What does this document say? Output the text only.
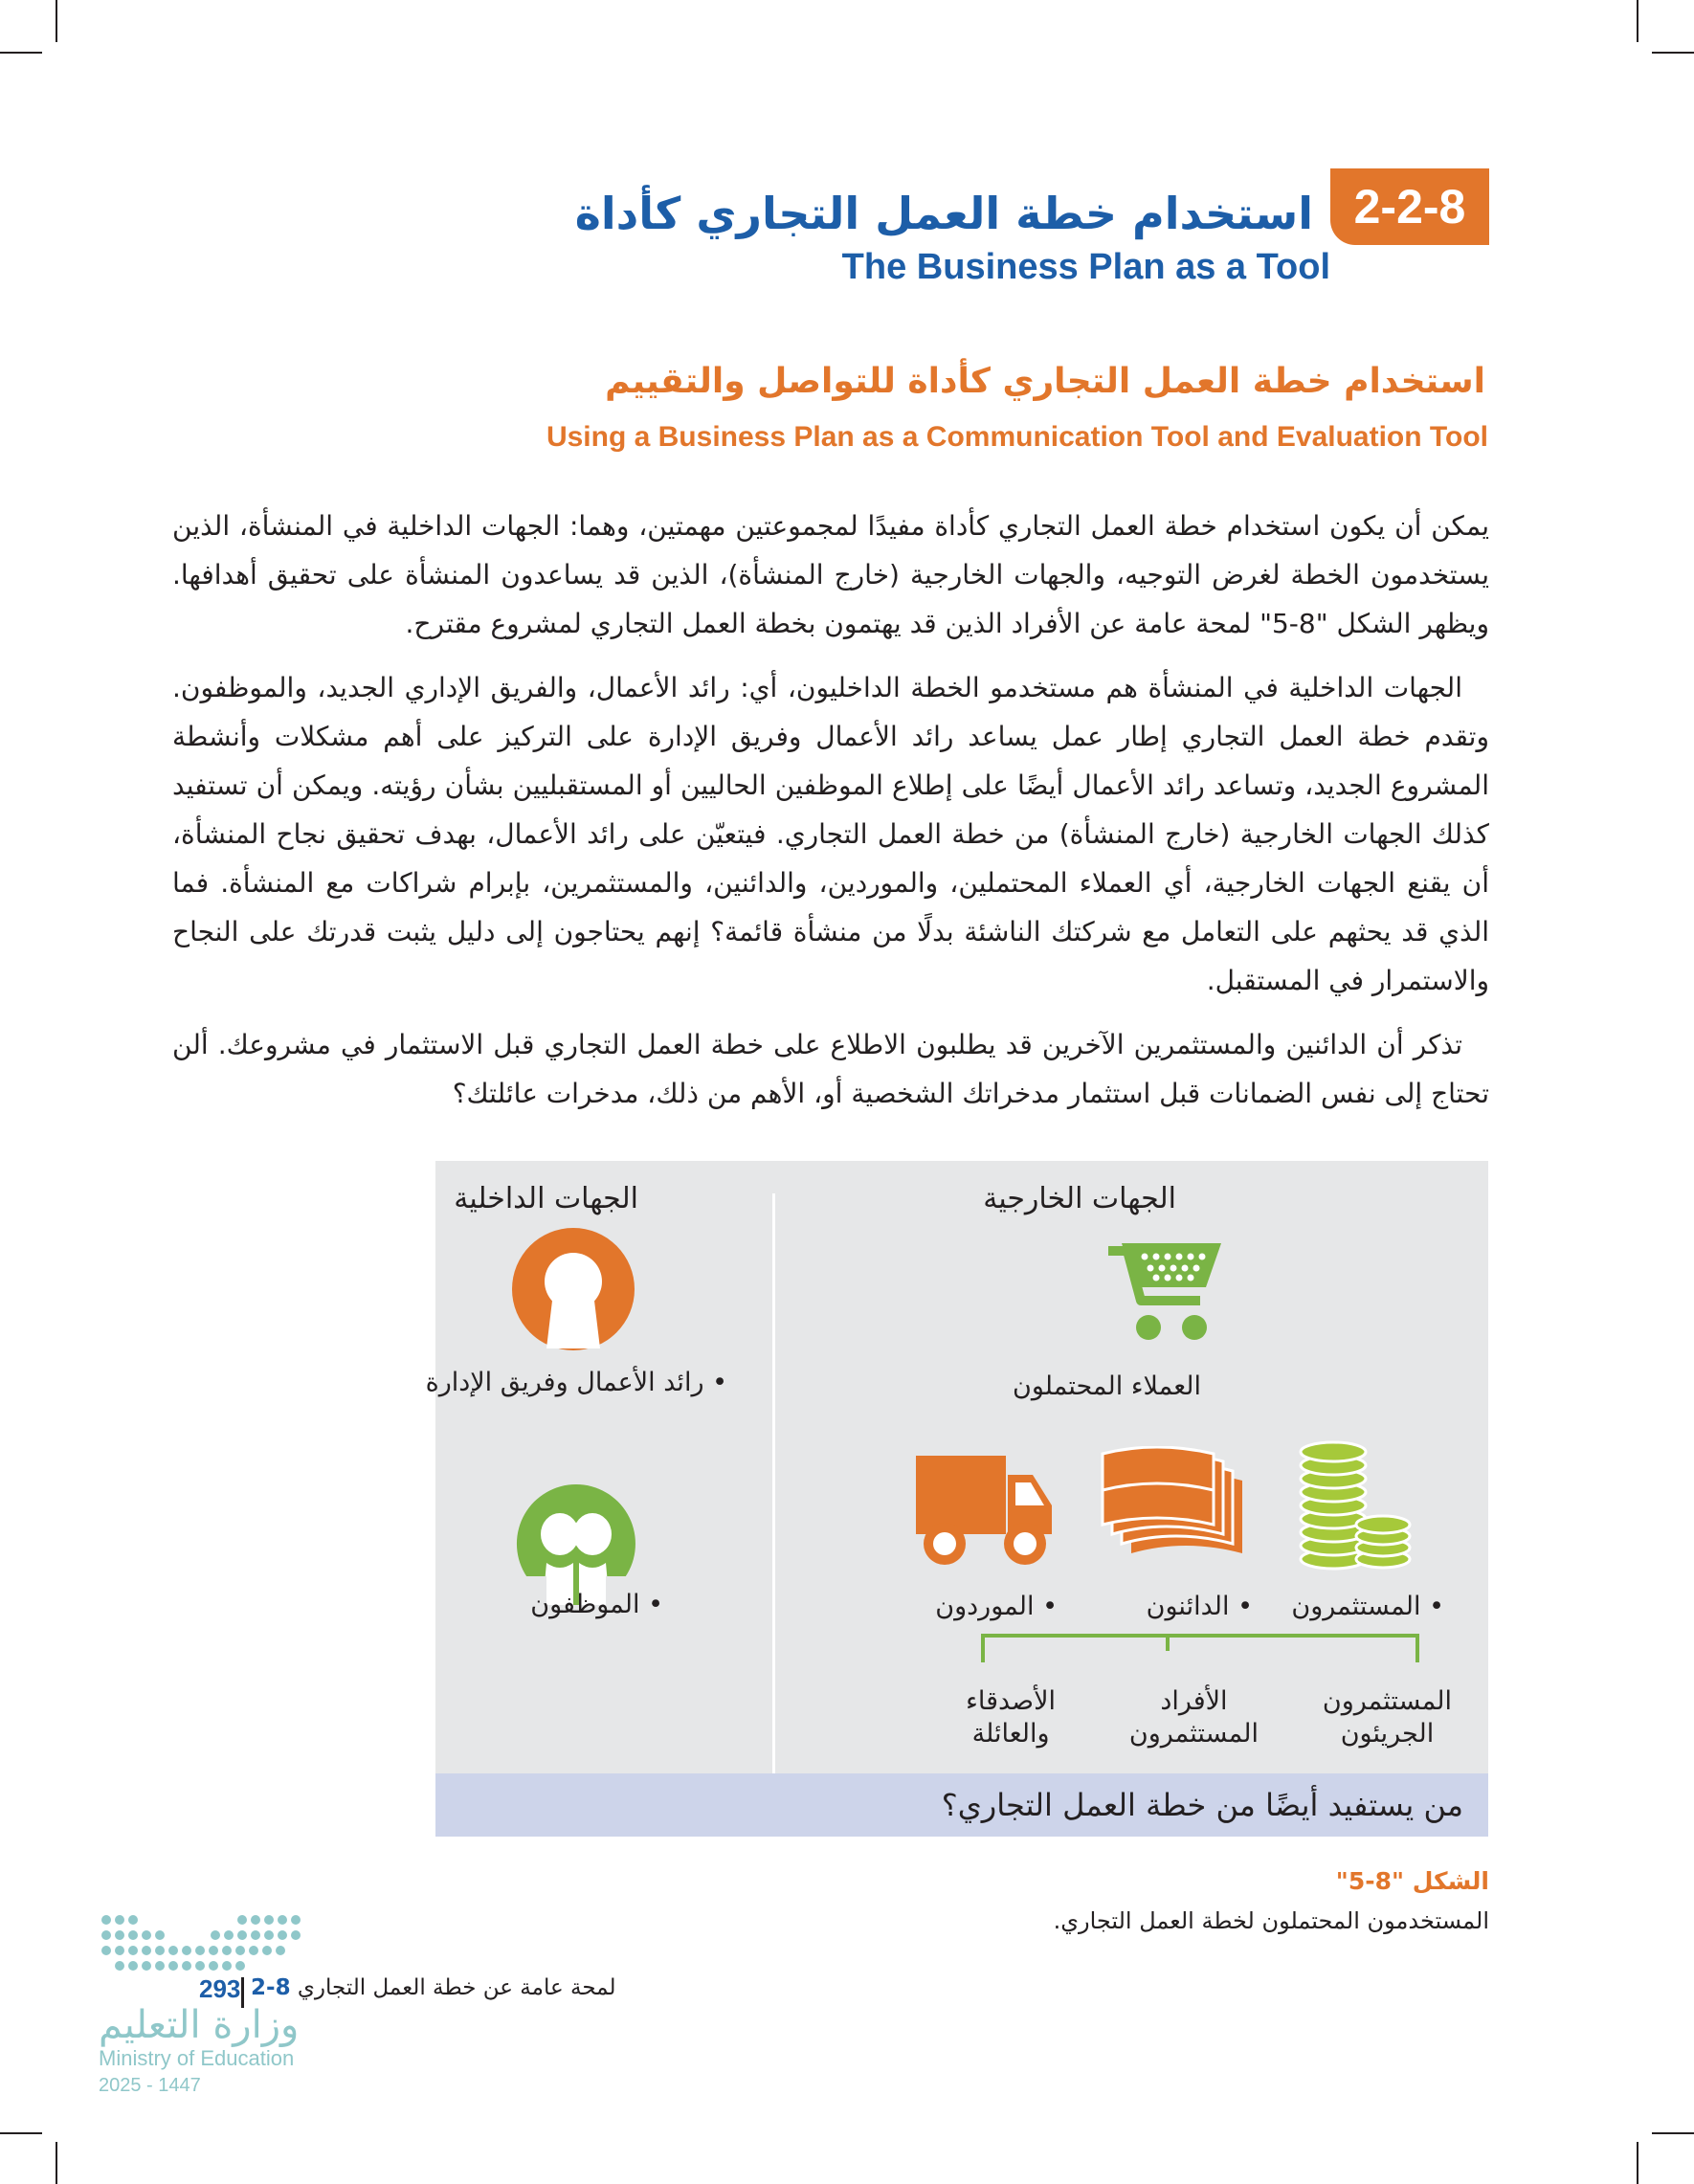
2-2-8
استخدام خطة العمل التجاري كأداة
The Business Plan as a Tool
استخدام خطة العمل التجاري كأداة للتواصل والتقييم
Using a Business Plan as a Communication Tool and Evaluation Tool

يمكن أن يكون استخدام خطة العمل التجاري كأداة مفيدًا لمجموعتين مهمتين، وهما: الجهات الداخلية في المنشأة، الذين يستخدمون الخطة لغرض التوجيه، والجهات الخارجية (خارج المنشأة)، الذين قد يساعدون المنشأة على تحقيق أهدافها. ويظهر الشكل "8-5" لمحة عامة عن الأفراد الذين قد يهتمون بخطة العمل التجاري لمشروع مقترح.

الجهات الداخلية في المنشأة هم مستخدمو الخطة الداخليون، أي: رائد الأعمال، والفريق الإداري الجديد، والموظفون. وتقدم خطة العمل التجاري إطار عمل يساعد رائد الأعمال وفريق الإدارة على التركيز على أهم مشكلات وأنشطة المشروع الجديد، وتساعد رائد الأعمال أيضًا على إطلاع الموظفين الحاليين أو المستقبليين بشأن رؤيته. ويمكن أن تستفيد كذلك الجهات الخارجية (خارج المنشأة) من خطة العمل التجاري. فيتعيّن على رائد الأعمال، بهدف تحقيق نجاح المنشأة، أن يقنع الجهات الخارجية، أي العملاء المحتملين، والموردين، والدائنين، والمستثمرين، بإبرام شراكات مع المنشأة. فما الذي قد يحثهم على التعامل مع شركتك الناشئة بدلًا من منشأة قائمة؟ إنهم يحتاجون إلى دليل يثبت قدرتك على النجاح والاستمرار في المستقبل.

تذكر أن الدائنين والمستثمرين الآخرين قد يطلبون الاطلاع على خطة العمل التجاري قبل الاستثمار في مشروعك. ألن تحتاج إلى نفس الضمانات قبل استثمار مدخراتك الشخصية أو، الأهم من ذلك، مدخرات عائلتك؟

الجهات الداخلية	الجهات الخارجية
• رائد الأعمال وفريق الإدارة
• الموظفون
العملاء المحتملون
• الموردون	• الدائنون • المستثمرون
المستثمرون
الجريئون
الأفراد
المستثمرون
الأصدقاء
والعائلة
من يستفيد أيضًا من خطة العمل التجاري؟
الشكل "8-5"
المستخدمون المحتملون لخطة العمل التجاري.
293	لمحة عامة عن خطة العمل التجاري 8-2
وزارة التعليم
Ministry of Education
2025 - 1447
